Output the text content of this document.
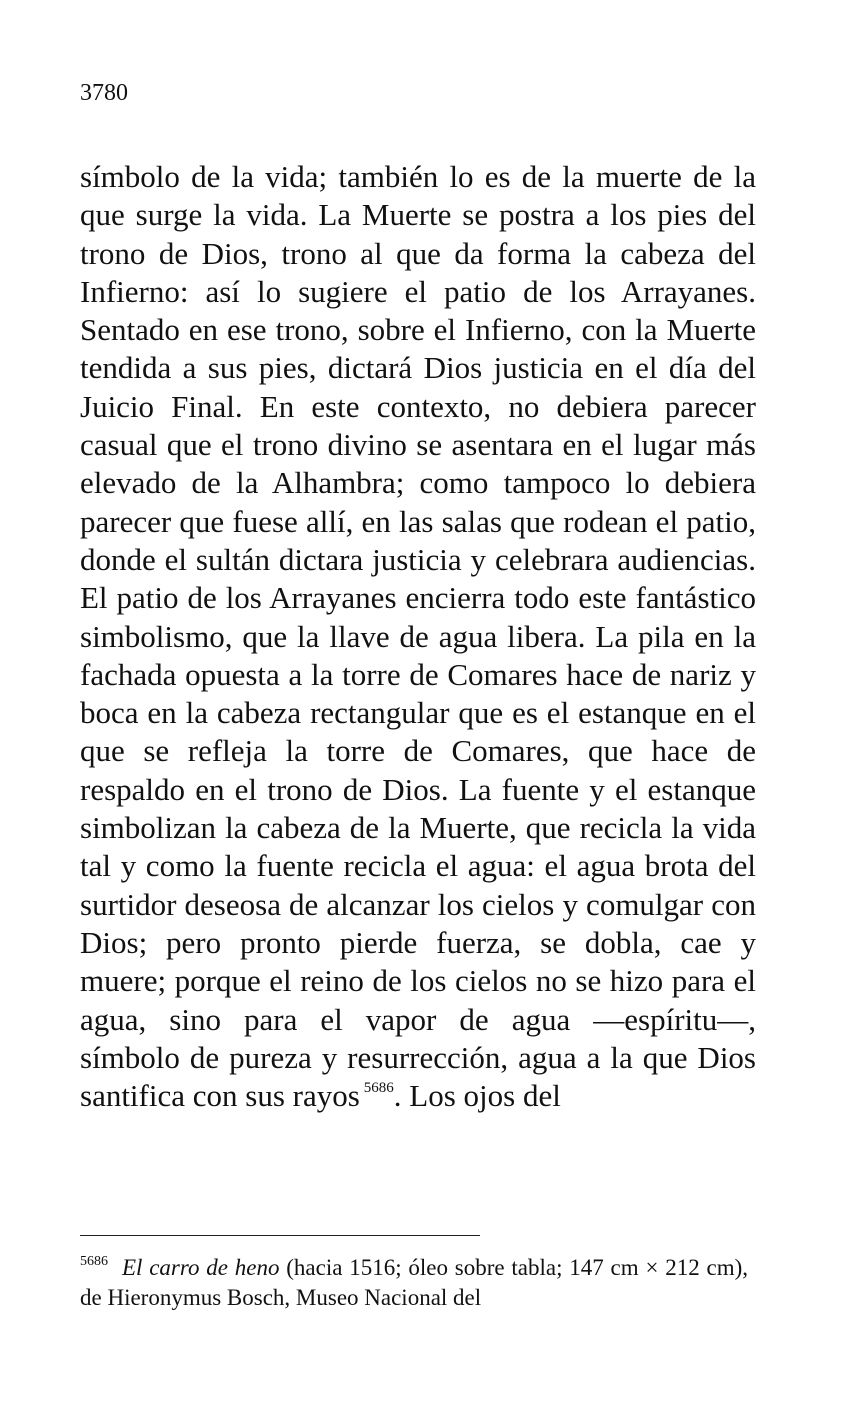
3780

símbolo de la vida; también lo es de la muerte de la que surge la vida. La Muerte se postra a los pies del trono de Dios, trono al que da forma la cabeza del Infierno: así lo sugiere el patio de los Arrayanes. Sentado en ese trono, sobre el Infierno, con la Muerte tendida a sus pies, dictará Dios justicia en el día del Juicio Final. En este contexto, no debiera parecer casual que el trono divino se asentara en el lugar más elevado de la Alhambra; como tampoco lo debiera parecer que fuese allí, en las salas que rodean el patio, donde el sultán dictara justicia y celebrara audiencias. El patio de los Arrayanes encierra todo este fantástico simbolismo, que la llave de agua libera. La pila en la fachada opuesta a la torre de Comares hace de nariz y boca en la cabeza rectangular que es el estanque en el que se refleja la torre de Comares, que hace de respaldo en el trono de Dios. La fuente y el estanque simbolizan la cabeza de la Muerte, que recicla la vida tal y como la fuente recicla el agua: el agua brota del surtidor deseosa de alcanzar los cielos y comulgar con Dios; pero pronto pierde fuerza, se dobla, cae y muere; porque el reino de los cielos no se hizo para el agua, sino para el vapor de agua —espíritu—, símbolo de pureza y resurrección, agua a la que Dios santifica con sus rayos $^{5686}$. Los ojos del

$^{5686}$ El carro de heno (hacia 1516; óleo sobre tabla; 147 cm × 212 cm), de Hieronymus Bosch, Museo Nacional del
